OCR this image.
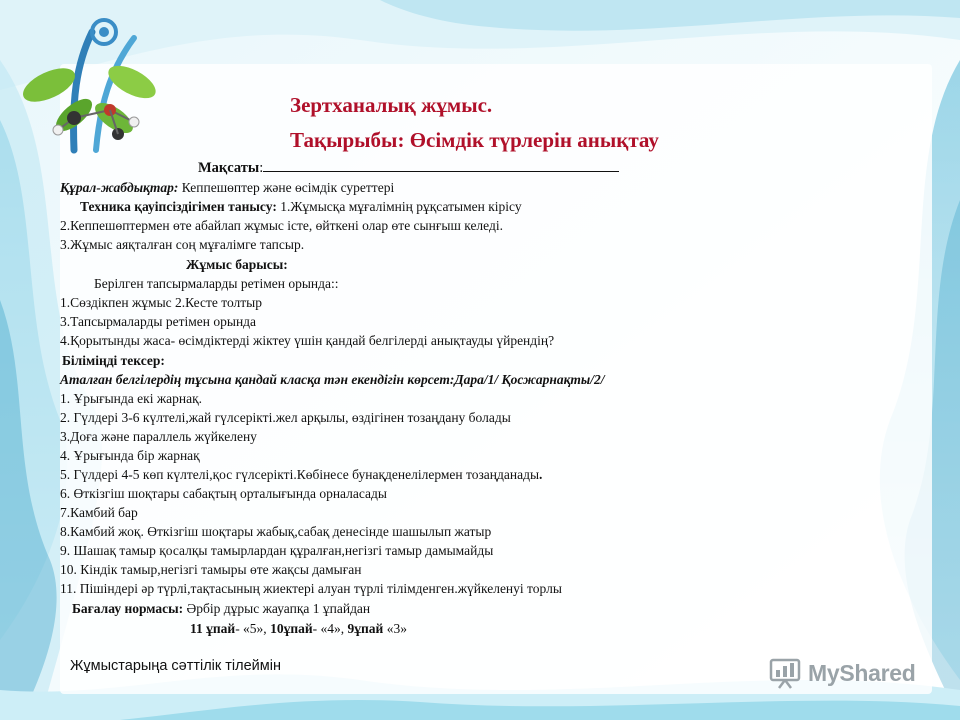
Зертханалық жұмыс.
Тақырыбы: Өсімдік түрлерін анықтау
Мақсаты:
Құрал-жабдықтар: Кеппешөптер және өсімдік суреттері
Техника қауіпсіздігімен танысу: 1.Жұмысқа мұғалімнің рұқсатымен кірісу
2.Кеппешөптермен өте абайлап жұмыс істе, өйткені олар өте сынғыш келеді.
3.Жұмыс аяқталған соң мұғалімге тапсыр.
Жұмыс барысы:
Берілген тапсырмаларды ретімен орында::
1.Сөздікпен жұмыс 2.Кесте толтыр
3.Тапсырмаларды ретімен орында
4.Қорытынды жаса- өсімдіктерді жіктеу үшін қандай белгілерді анықтауды үйрендің?
Біліміңді тексер:
Аталған белгілердің тұсына қандай класқа тән екендігін көрсет:Дара/1/ Қосжарнақты/2/
1. Ұрығында екі жарнақ.
2. Гүлдері 3-6 күлтелі,жай гүлсерікті.жел арқылы, өздігінен тозаңдану болады
3.Доға және параллель жүйкелену
4. Ұрығында бір жарнақ
5. Гүлдері 4-5 көп күлтелі,қос гүлсерікті.Көбінесе бунақденелілермен тозаңданады.
6. Өткізгіш шоқтары сабақтың орталығында орналасады
7.Камбий бар
8.Камбий жоқ. Өткізгіш шоқтары жабық,сабақ денесінде шашылып жатыр
9. Шашақ тамыр қосалқы тамырлардан құралған,негізгі тамыр дамымайды
10. Кіндік тамыр,негізгі тамыры өте жақсы дамыған
11. Пішіндері әр түрлі,тақтасының жиектері алуан түрлі тілімденген.жүйкеленуі торлы
Бағалау нормасы: Әрбір дұрыс жауапқа 1 ұпайдан
11 ұпай- «5», 10ұпай- «4», 9ұпай «3»
Жұмыстарыңа сәттілік тілеймін	MyShared
